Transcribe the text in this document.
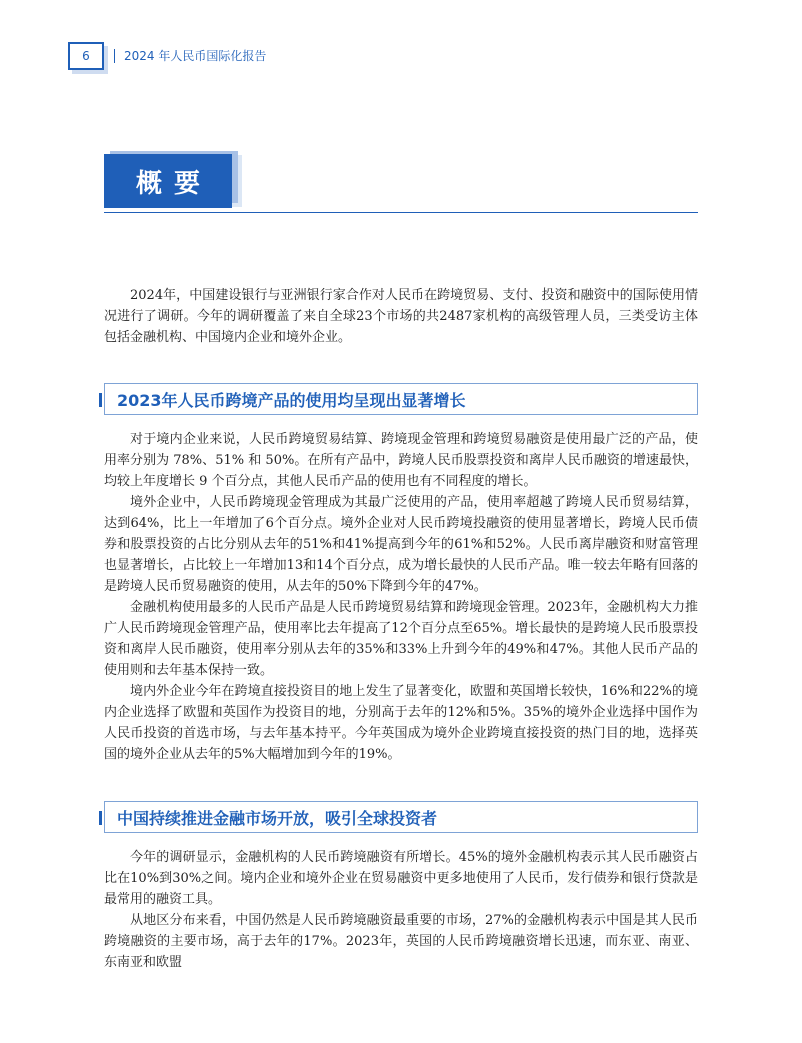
6	2024 年人民币国际化报告
概要

2024年，中国建设银行与亚洲银行家合作对人民币在跨境贸易、支付、投资和融资中的国际使用情况进行了调研。今年的调研覆盖了来自全球23个市场的共2487家机构的高级管理人员，三类受访主体包括金融机构、中国境内企业和境外企业。

2023年人民币跨境产品的使用均呈现出显著增长

对于境内企业来说，人民币跨境贸易结算、跨境现金管理和跨境贸易融资是使用最广泛的产品，使用率分别为 78%、51% 和 50%。在所有产品中，跨境人民币股票投资和离岸人民币融资的增速最快，均较上年度增长 9 个百分点，其他人民币产品的使用也有不同程度的增长。

境外企业中，人民币跨境现金管理成为其最广泛使用的产品，使用率超越了跨境人民币贸易结算，达到64%，比上一年增加了6个百分点。境外企业对人民币跨境投融资的使用显著增长，跨境人民币债券和股票投资的占比分别从去年的51%和41%提高到今年的61%和52%。人民币离岸融资和财富管理也显著增长，占比较上一年增加13和14个百分点，成为增长最快的人民币产品。唯一较去年略有回落的是跨境人民币贸易融资的使用，从去年的50%下降到今年的47%。

金融机构使用最多的人民币产品是人民币跨境贸易结算和跨境现金管理。2023年，金融机构大力推广人民币跨境现金管理产品，使用率比去年提高了12个百分点至65%。增长最快的是跨境人民币股票投资和离岸人民币融资，使用率分别从去年的35%和33%上升到今年的49%和47%。其他人民币产品的使用则和去年基本保持一致。

境内外企业今年在跨境直接投资目的地上发生了显著变化，欧盟和英国增长较快，16%和22%的境内企业选择了欧盟和英国作为投资目的地，分别高于去年的12%和5%。35%的境外企业选择中国作为人民币投资的首选市场，与去年基本持平。今年英国成为境外企业跨境直接投资的热门目的地，选择英国的境外企业从去年的5%大幅增加到今年的19%。

中国持续推进金融市场开放，吸引全球投资者

今年的调研显示，金融机构的人民币跨境融资有所增长。45%的境外金融机构表示其人民币融资占比在10%到30%之间。境内企业和境外企业在贸易融资中更多地使用了人民币，发行债券和银行贷款是最常用的融资工具。

从地区分布来看，中国仍然是人民币跨境融资最重要的市场，27%的金融机构表示中国是其人民币跨境融资的主要市场，高于去年的17%。2023年，英国的人民币跨境融资增长迅速，而东亚、南亚、东南亚和欧盟
